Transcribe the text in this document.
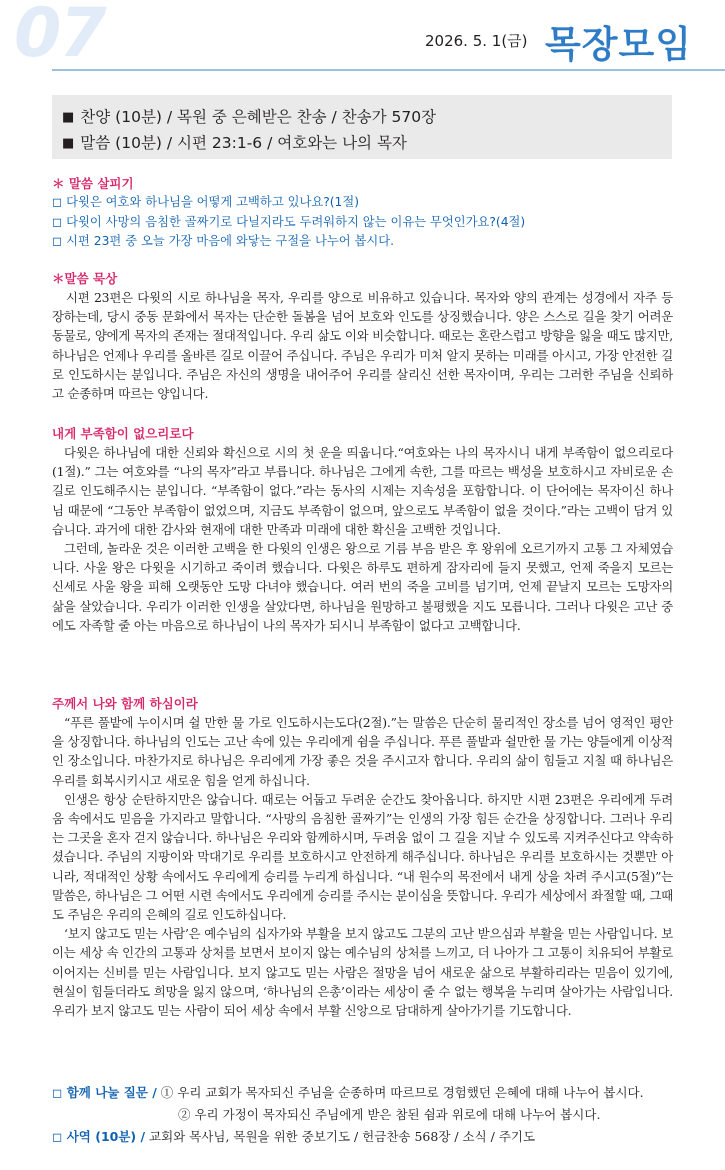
07	2026. 5. 1(금) 목장모임
■ 찬양 (10분) / 목원 중 은혜받은 찬송 / 찬송가 570장
■ 말씀 (10분) / 시편 23:1-6 / 여호와는 나의 목자
＊ 말씀 살피기
◻ 다윗은 여호와 하나님을 어떻게 고백하고 있나요?(1절)
◻ 다윗이 사망의 음침한 골짜기로 다닐지라도 두려워하지 않는 이유는 무엇인가요?(4절)
◻ 시편 23편 중 오늘 가장 마음에 와닿는 구절을 나누어 봅시다.
＊말씀 묵상

시편 23편은 다윗의 시로 하나님을 목자, 우리를 양으로 비유하고 있습니다. 목자와 양의 관계는 성경에서 자주 등장하는데, 당시 중동 문화에서 목자는 단순한 돌봄을 넘어 보호와 인도를 상징했습니다. 양은 스스로 길을 찾기 어려운 동물로, 양에게 목자의 존재는 절대적입니다. 우리 삶도 이와 비슷합니다. 때로는 혼란스럽고 방향을 잃을 때도 많지만, 하나님은 언제나 우리를 올바른 길로 이끌어 주십니다. 주님은 우리가 미처 알지 못하는 미래를 아시고, 가장 안전한 길로 인도하시는 분입니다. 주님은 자신의 생명을 내어주어 우리를 살리신 선한 목자이며, 우리는 그러한 주님을 신뢰하고 순종하며 따르는 양입니다.

내게 부족함이 없으리로다

다윗은 하나님에 대한 신뢰와 확신으로 시의 첫 운을 띄웁니다.“여호와는 나의 목자시니 내게 부족함이 없으리로다(1절).” 그는 여호와를 “나의 목자”라고 부릅니다. 하나님은 그에게 속한, 그를 따르는 백성을 보호하시고 자비로운 손길로 인도해주시는 분입니다. “부족함이 없다.”라는 동사의 시제는 지속성을 포함합니다. 이 단어에는 목자이신 하나님 때문에 “그동안 부족함이 없었으며, 지금도 부족함이 없으며, 앞으로도 부족함이 없을 것이다.”라는 고백이 담겨 있습니다. 과거에 대한 감사와 현재에 대한 만족과 미래에 대한 확신을 고백한 것입니다.

그런데, 놀라운 것은 이러한 고백을 한 다윗의 인생은 왕으로 기름 부음 받은 후 왕위에 오르기까지 고통 그 자체였습니다. 사울 왕은 다윗을 시기하고 죽이려 했습니다. 다윗은 하루도 편하게 잠자리에 들지 못했고, 언제 죽을지 모르는 신세로 사울 왕을 피해 오랫동안 도망 다녀야 했습니다. 여러 번의 죽을 고비를 넘기며, 언제 끝날지 모르는 도망자의 삶을 살았습니다. 우리가 이러한 인생을 살았다면, 하나님을 원망하고 불평했을 지도 모릅니다. 그러나 다윗은 고난 중에도 자족할 줄 아는 마음으로 하나님이 나의 목자가 되시니 부족함이 없다고 고백합니다.

주께서 나와 함께 하심이라

“푸른 풀밭에 누이시며 쉴 만한 물 가로 인도하시는도다(2절).”는 말씀은 단순히 물리적인 장소를 넘어 영적인 평안을 상징합니다. 하나님의 인도는 고난 속에 있는 우리에게 쉼을 주십니다. 푸른 풀밭과 쉴만한 물 가는 양들에게 이상적인 장소입니다. 마찬가지로 하나님은 우리에게 가장 좋은 것을 주시고자 합니다. 우리의 삶이 힘들고 지칠 때 하나님은 우리를 회복시키시고 새로운 힘을 얻게 하십니다.

인생은 항상 순탄하지만은 않습니다. 때로는 어둡고 두려운 순간도 찾아옵니다. 하지만 시편 23편은 우리에게 두려움 속에서도 믿음을 가지라고 말합니다. “사망의 음침한 골짜기”는 인생의 가장 힘든 순간을 상징합니다. 그러나 우리는 그곳을 혼자 걷지 않습니다. 하나님은 우리와 함께하시며, 두려움 없이 그 길을 지날 수 있도록 지켜주신다고 약속하셨습니다. 주님의 지팡이와 막대기로 우리를 보호하시고 안전하게 해주십니다. 하나님은 우리를 보호하시는 것뿐만 아니라, 적대적인 상황 속에서도 우리에게 승리를 누리게 하십니다. “내 원수의 목전에서 내게 상을 차려 주시고(5절)”는 말씀은, 하나님은 그 어떤 시련 속에서도 우리에게 승리를 주시는 분이심을 뜻합니다. 우리가 세상에서 좌절할 때, 그때도 주님은 우리의 은혜의 길로 인도하십니다.

‘보지 않고도 믿는 사람’은 예수님의 십자가와 부활을 보지 않고도 그분의 고난 받으심과 부활을 믿는 사람입니다. 보이는 세상 속 인간의 고통과 상처를 보면서 보이지 않는 예수님의 상처를 느끼고, 더 나아가 그 고통이 치유되어 부활로 이어지는 신비를 믿는 사람입니다. 보지 않고도 믿는 사람은 절망을 넘어 새로운 삶으로 부활하리라는 믿음이 있기에, 현실이 힘들더라도 희망을 잃지 않으며, ‘하나님의 은총’이라는 세상이 줄 수 없는 행복을 누리며 살아가는 사람입니다. 우리가 보지 않고도 믿는 사람이 되어 세상 속에서 부활 신앙으로 담대하게 살아가기를 기도합니다.

◻ 함께 나눌 질문 / ① 우리 교회가 목자되신 주님을 순종하며 따르므로 경험했던 은혜에 대해 나누어 봅시다.
② 우리 가정이 목자되신 주님에게 받은 참된 쉼과 위로에 대해 나누어 봅시다.
◻ 사역 (10분) / 교회와 목사님, 목원을 위한 중보기도 / 헌금찬송 568장 / 소식 / 주기도
